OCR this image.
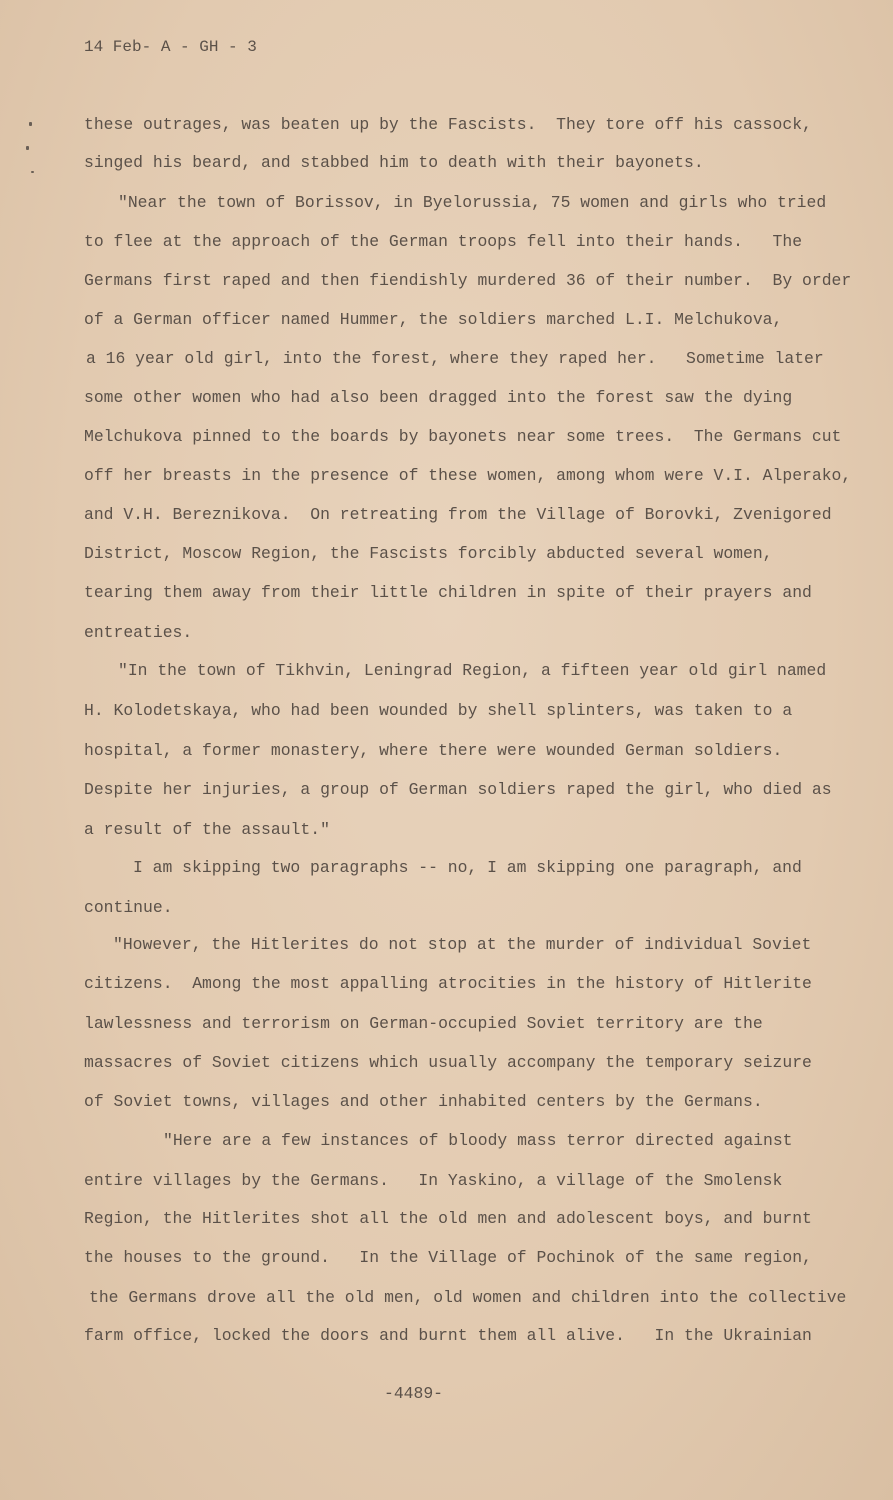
14 Feb- A - GH - 3
these outrages, was beaten up by the Fascists.  They tore off his cassock,
singed his beard, and stabbed him to death with their bayonets.
"Near the town of Borissov, in Byelorussia, 75 women and girls who tried
to flee at the approach of the German troops fell into their hands.   The
Germans first raped and then fiendishly murdered 36 of their number.  By order
of a German officer named Hummer, the soldiers marched L.I. Melchukova,
a 16 year old girl, into the forest, where they raped her.   Sometime later
some other women who had also been dragged into the forest saw the dying
Melchukova pinned to the boards by bayonets near some trees.  The Germans cut
off her breasts in the presence of these women, among whom were V.I. Alperako,
and V.H. Bereznikova.  On retreating from the Village of Borovki, Zvenigored
District, Moscow Region, the Fascists forcibly abducted several women,
tearing them away from their little children in spite of their prayers and
entreaties.
"In the town of Tikhvin, Leningrad Region, a fifteen year old girl named
H. Kolodetskaya, who had been wounded by shell splinters, was taken to a
hospital, a former monastery, where there were wounded German soldiers.
Despite her injuries, a group of German soldiers raped the girl, who died as
a result of the assault."
I am skipping two paragraphs -- no, I am skipping one paragraph, and
continue.
"However, the Hitlerites do not stop at the murder of individual Soviet
citizens.  Among the most appalling atrocities in the history of Hitlerite
lawlessness and terrorism on German-occupied Soviet territory are the
massacres of Soviet citizens which usually accompany the temporary seizure
of Soviet towns, villages and other inhabited centers by the Germans.
"Here are a few instances of bloody mass terror directed against
entire villages by the Germans.   In Yaskino, a village of the Smolensk
Region, the Hitlerites shot all the old men and adolescent boys, and burnt
the houses to the ground.   In the Village of Pochinok of the same region,
the Germans drove all the old men, old women and children into the collective
farm office, locked the doors and burnt them all alive.   In the Ukrainian
-4489-
